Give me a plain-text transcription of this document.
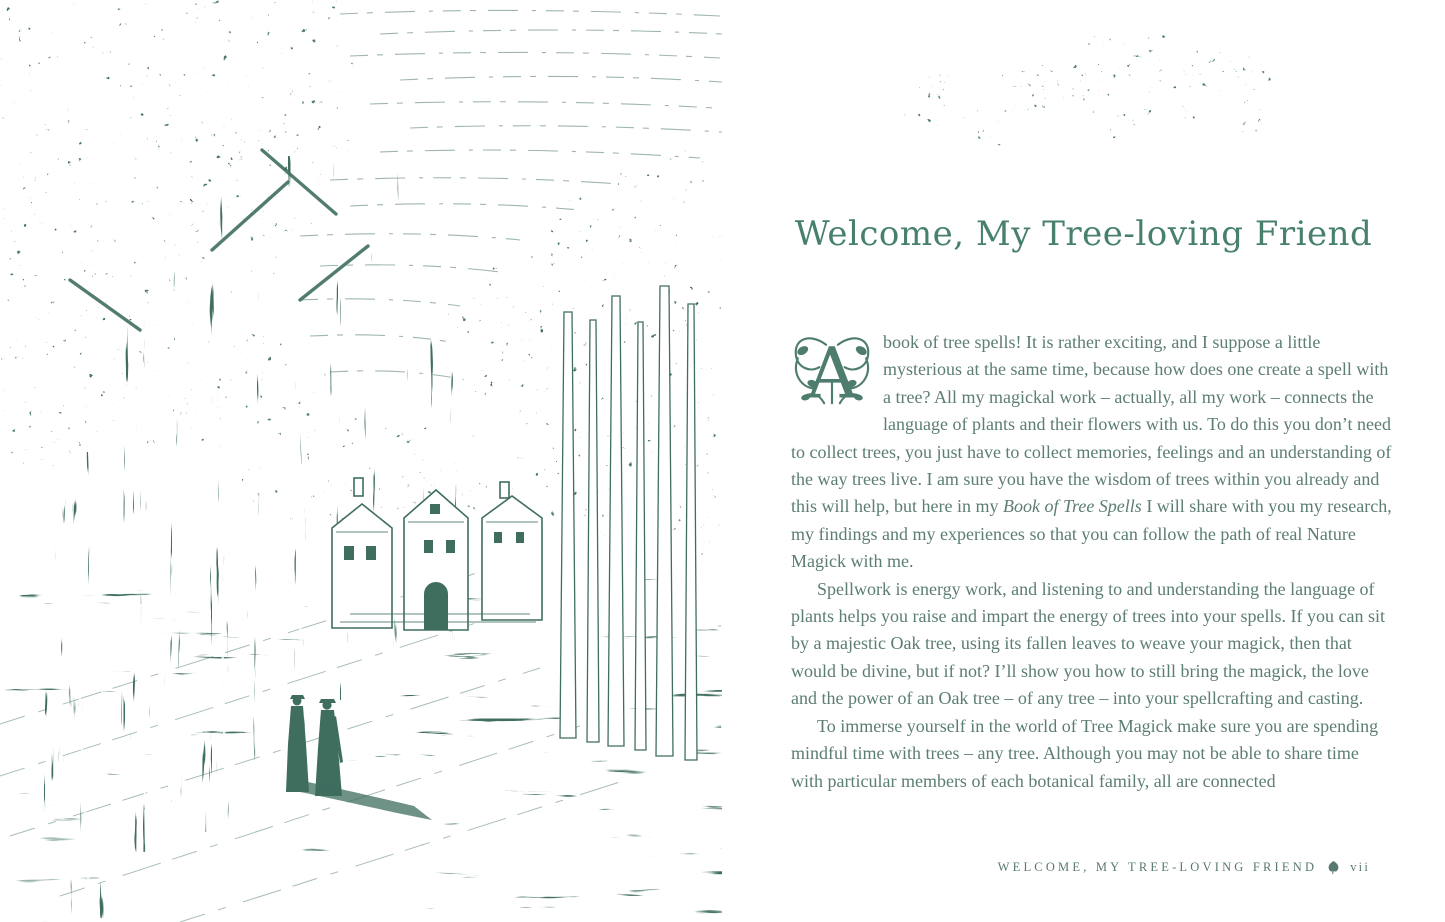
Welcome, My Tree-loving Friend

A book of tree spells! It is rather exciting, and I suppose a little mysterious at the same time, because how does one create a spell with a tree? All my magickal work – actually, all my work – connects the language of plants and their flowers with us. To do this you don’t need to collect trees, you just have to collect memories, feelings and an understanding of the way trees live. I am sure you have the wisdom of trees within you already and this will help, but here in my Book of Tree Spells I will share with you my research, my findings and my experiences so that you can follow the path of real Nature Magick with me.

Spellwork is energy work, and listening to and understanding the language of plants helps you raise and impart the energy of trees into your spells. If you can sit by a majestic Oak tree, using its fallen leaves to weave your magick, then that would be divine, but if not? I’ll show you how to still bring the magick, the love and the power of an Oak tree – of any tree – into your spellcrafting and casting.

To immerse yourself in the world of Tree Magick make sure you are spending mindful time with trees – any tree. Although you may not be able to share time with particular members of each botanical family, all are connected

WELCOME, MY TREE-LOVING FRIEND	vii
